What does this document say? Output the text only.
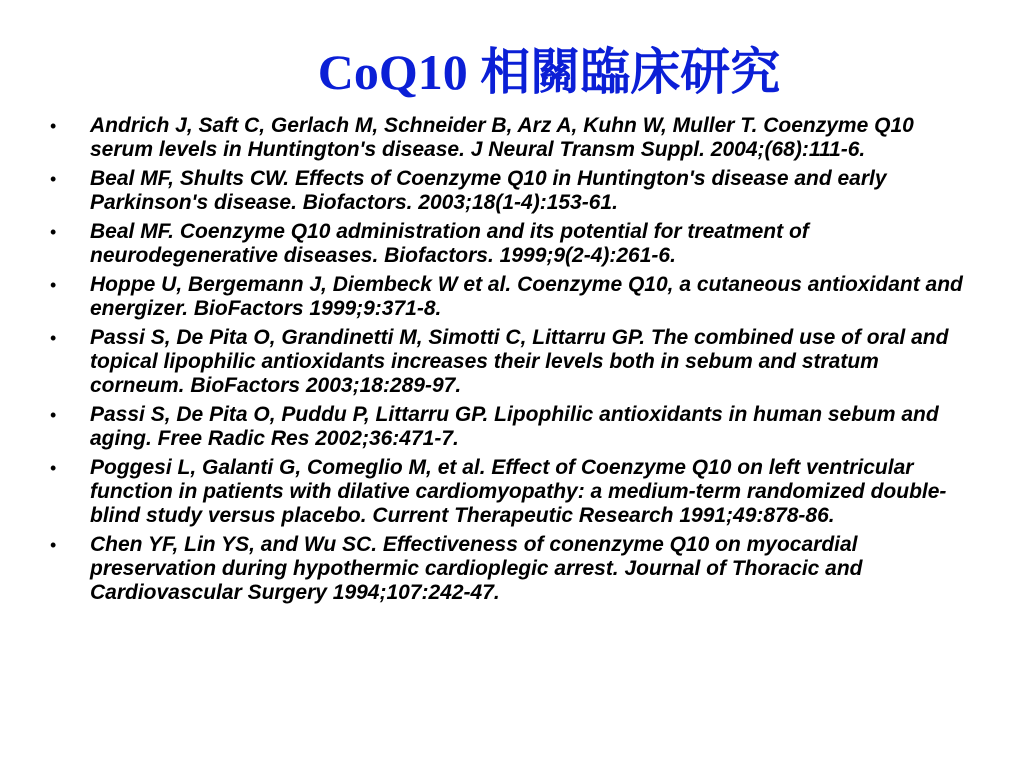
CoQ10 相關臨床研究
• Andrich J, Saft C, Gerlach M, Schneider B, Arz A, Kuhn W, Muller T. Coenzyme Q10 serum levels in Huntington's disease. J Neural Transm Suppl. 2004;(68):111-6.
• Beal MF, Shults CW. Effects of Coenzyme Q10 in Huntington's disease and early Parkinson's disease. Biofactors. 2003;18(1-4):153-61.
• Beal MF. Coenzyme Q10 administration and its potential for treatment of neurodegenerative diseases. Biofactors. 1999;9(2-4):261-6.
• Hoppe U, Bergemann J, Diembeck W et al. Coenzyme Q10, a cutaneous antioxidant and energizer. BioFactors 1999;9:371-8.
• Passi S, De Pita O, Grandinetti M, Simotti C, Littarru GP. The combined use of oral and topical lipophilic antioxidants increases their levels both in sebum and stratum corneum. BioFactors 2003;18:289-97.
• Passi S, De Pita O, Puddu P, Littarru GP. Lipophilic antioxidants in human sebum and aging. Free Radic Res 2002;36:471-7.
• Poggesi L, Galanti G, Comeglio M, et al. Effect of Coenzyme Q10 on left ventricular function in patients with dilative cardiomyopathy: a medium-term randomized double-blind study versus placebo. Current Therapeutic Research 1991;49:878-86.
• Chen YF, Lin YS, and Wu SC. Effectiveness of conenzyme Q10 on myocardial preservation during hypothermic cardioplegic arrest. Journal of Thoracic and Cardiovascular Surgery 1994;107:242-47.
